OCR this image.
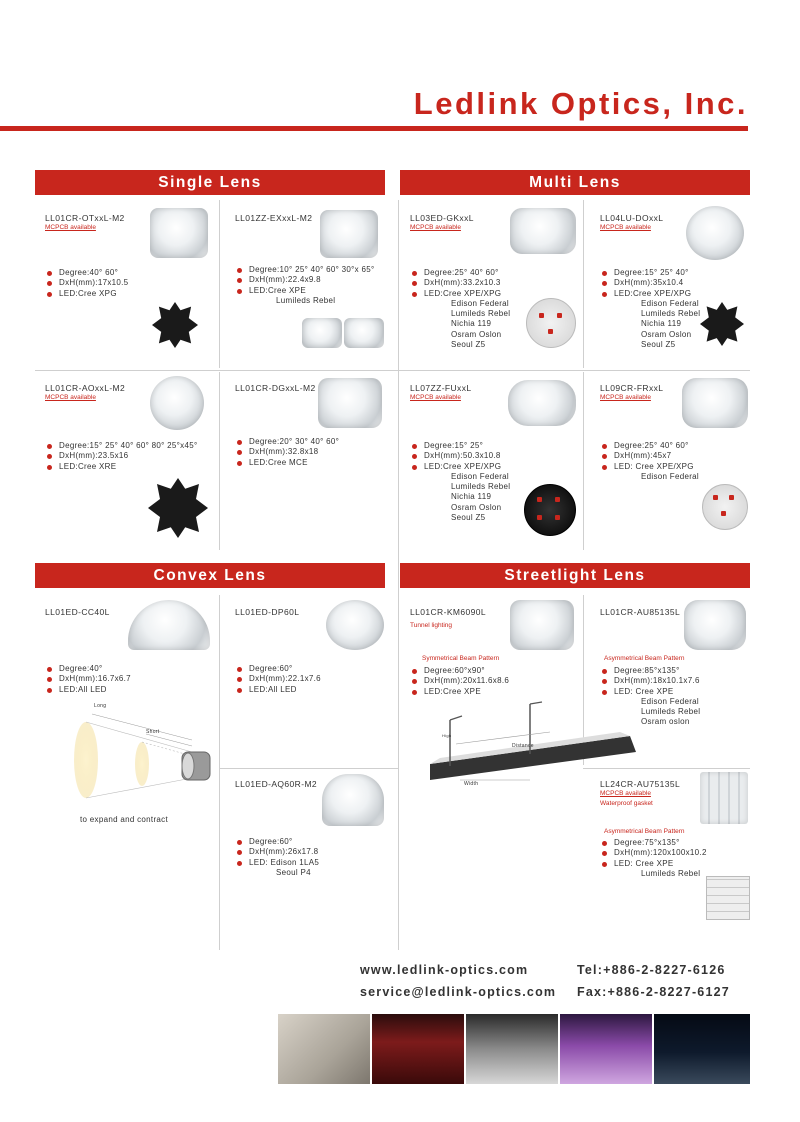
Ledlink Optics, Inc.
Single Lens	Multi Lens
Convex Lens	Streetlight Lens
LL01CR-OTxxL-M2
MCPCB available
Degree:40° 60°
DxH(mm):17x10.5
LED:Cree XPG
LL01ZZ-EXxxL-M2
Degree:10° 25° 40° 60° 30°x 65°
DxH(mm):22.4x9.8
LED:Cree XPE
Lumileds Rebel
LL01CR-AOxxL-M2
MCPCB available
Degree:15° 25° 40° 60° 80° 25°x45°
DxH(mm):23.5x16
LED:Cree XRE
LL01CR-DGxxL-M2
Degree:20° 30° 40° 60°
DxH(mm):32.8x18
LED:Cree MCE
LL03ED-GKxxL
MCPCB available
Degree:25° 40° 60°
DxH(mm):33.2x10.3
LED:Cree XPE/XPG
Edison Federal
Lumileds Rebel
Nichia 119
Osram Oslon
Seoul Z5
LL04LU-DOxxL
MCPCB available
Degree:15° 25° 40°
DxH(mm):35x10.4
LED:Cree XPE/XPG
Edison Federal
Lumileds Rebel
Nichia 119
Osram Oslon
Seoul Z5
LL07ZZ-FUxxL
MCPCB available
Degree:15° 25°
DxH(mm):50.3x10.8
LED:Cree XPE/XPG
Edison Federal
Lumileds Rebel
Nichia 119
Osram Oslon
Seoul Z5
LL09CR-FRxxL
MCPCB available
Degree:25° 40° 60°
DxH(mm):45x7
LED: Cree XPE/XPG
Edison Federal
LL01ED-CC40L
Degree:40°
DxH(mm):16.7x6.7
LED:All LED
Long
Short
to expand and contract
LL01ED-DP60L
Degree:60°
DxH(mm):22.1x7.6
LED:All LED
LL01ED-AQ60R-M2
Degree:60°
DxH(mm):26x17.8
LED: Edison 1LA5
Seoul P4
LL01CR-KM6090L
Tunnel lighting
Symmetrical Beam Pattern
Degree:60°x90°
DxH(mm):20x11.6x8.6
LED:Cree XPE
LL01CR-AU85135L
Asymmetrical Beam Pattern
Degree:85°x135°
DxH(mm):18x10.1x7.6
LED: Cree XPE
Edison Federal
Lumileds Rebel
Osram oslon
Distance
Width
High
LL24CR-AU75135L
MCPCB available
Waterproof gasket
Asymmetrical Beam Pattern
Degree:75°x135°
DxH(mm):120x100x10.2
LED: Cree XPE
Lumileds Rebel
www.ledlink-optics.com
service@ledlink-optics.com
Tel:+886-2-8227-6126
Fax:+886-2-8227-6127
